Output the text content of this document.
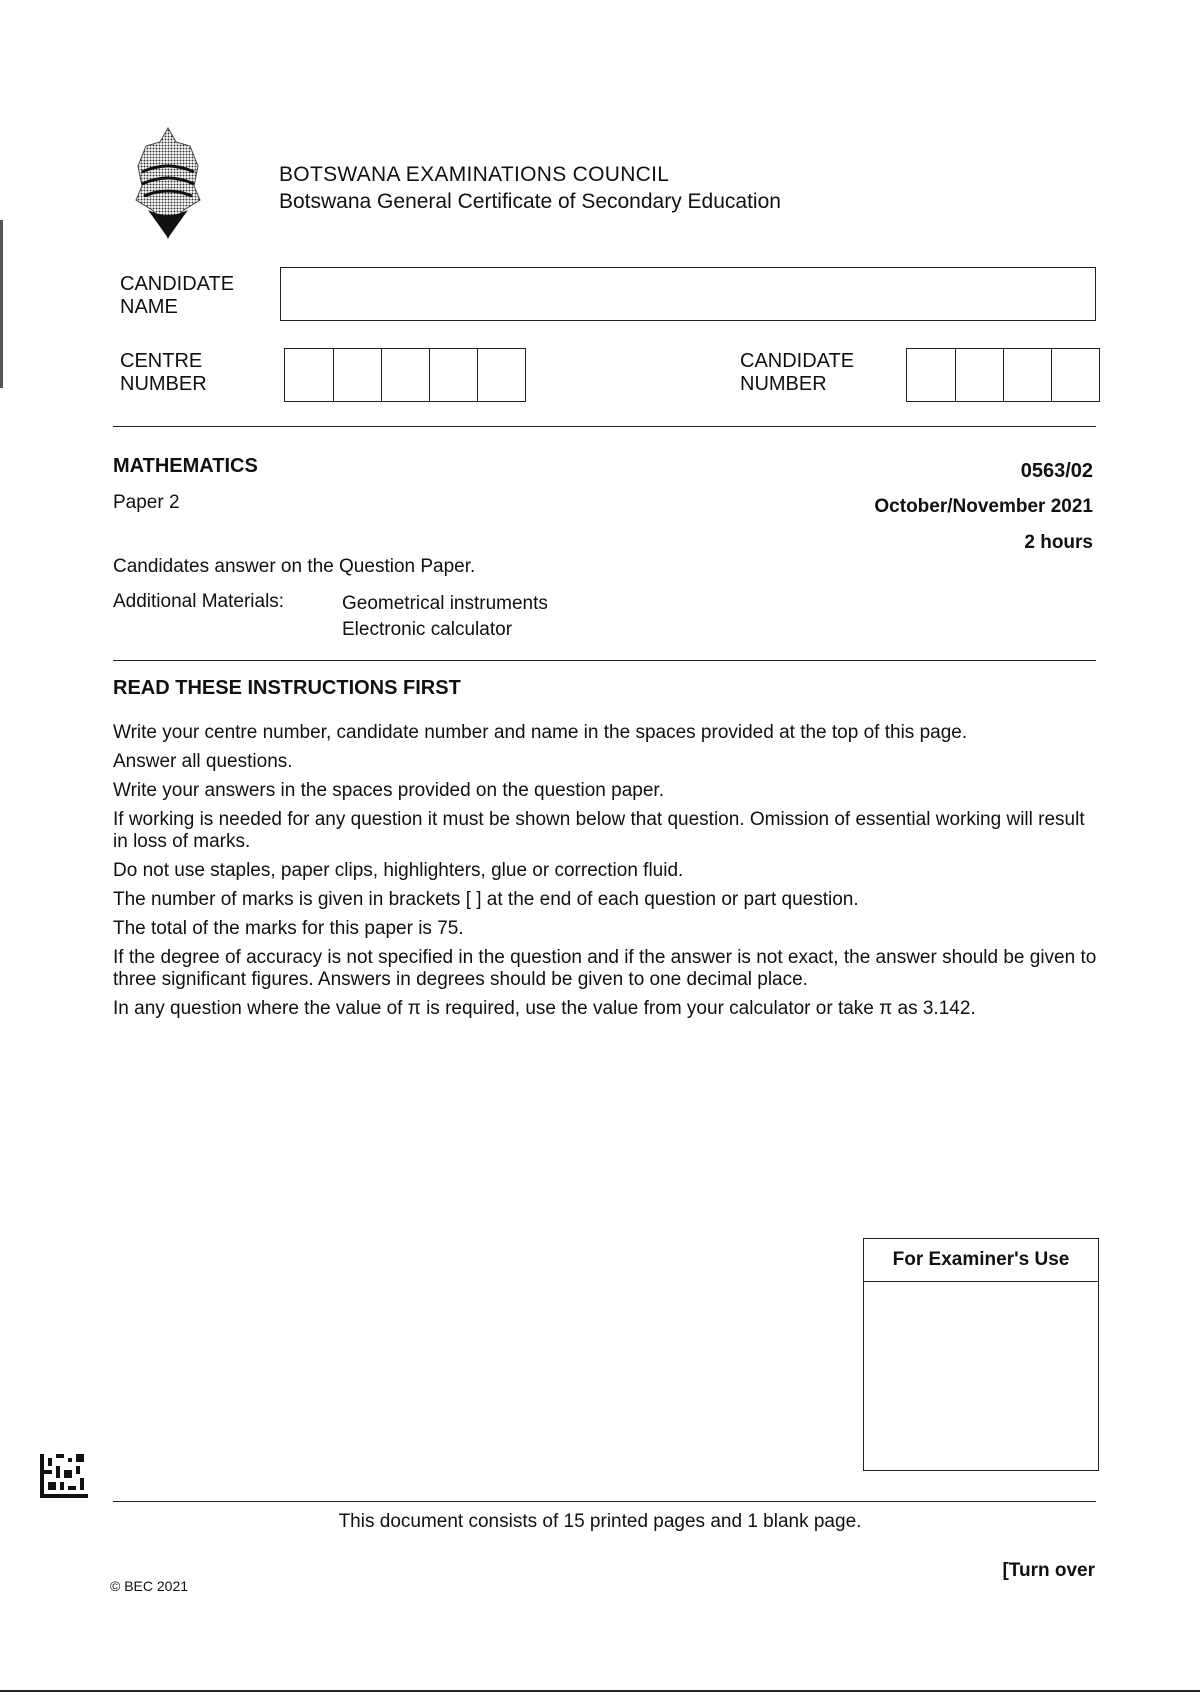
BOTSWANA EXAMINATIONS COUNCIL
Botswana General Certificate of Secondary Education
CANDIDATE
NAME
CENTRE
NUMBER
CANDIDATE
NUMBER
MATHEMATICS
Paper 2
0563/02
October/November 2021
2 hours
Candidates answer on the Question Paper.
Additional Materials:	Geometrical instruments
Electronic calculator
READ THESE INSTRUCTIONS FIRST

Write your centre number, candidate number and name in the spaces provided at the top of this page.

Answer all questions.

Write your answers in the spaces provided on the question paper.

If working is needed for any question it must be shown below that question. Omission of essential working will result in loss of marks.

Do not use staples, paper clips, highlighters, glue or correction fluid.

The number of marks is given in brackets [ ] at the end of each question or part question.

The total of the marks for this paper is 75.

If the degree of accuracy is not specified in the question and if the answer is not exact, the answer should be given to three significant figures. Answers in degrees should be given to one decimal place.

In any question where the value of π is required, use the value from your calculator or take π as 3.142.

For Examiner's Use
This document consists of 15 printed pages and 1 blank page.
[Turn over
© BEC 2021
